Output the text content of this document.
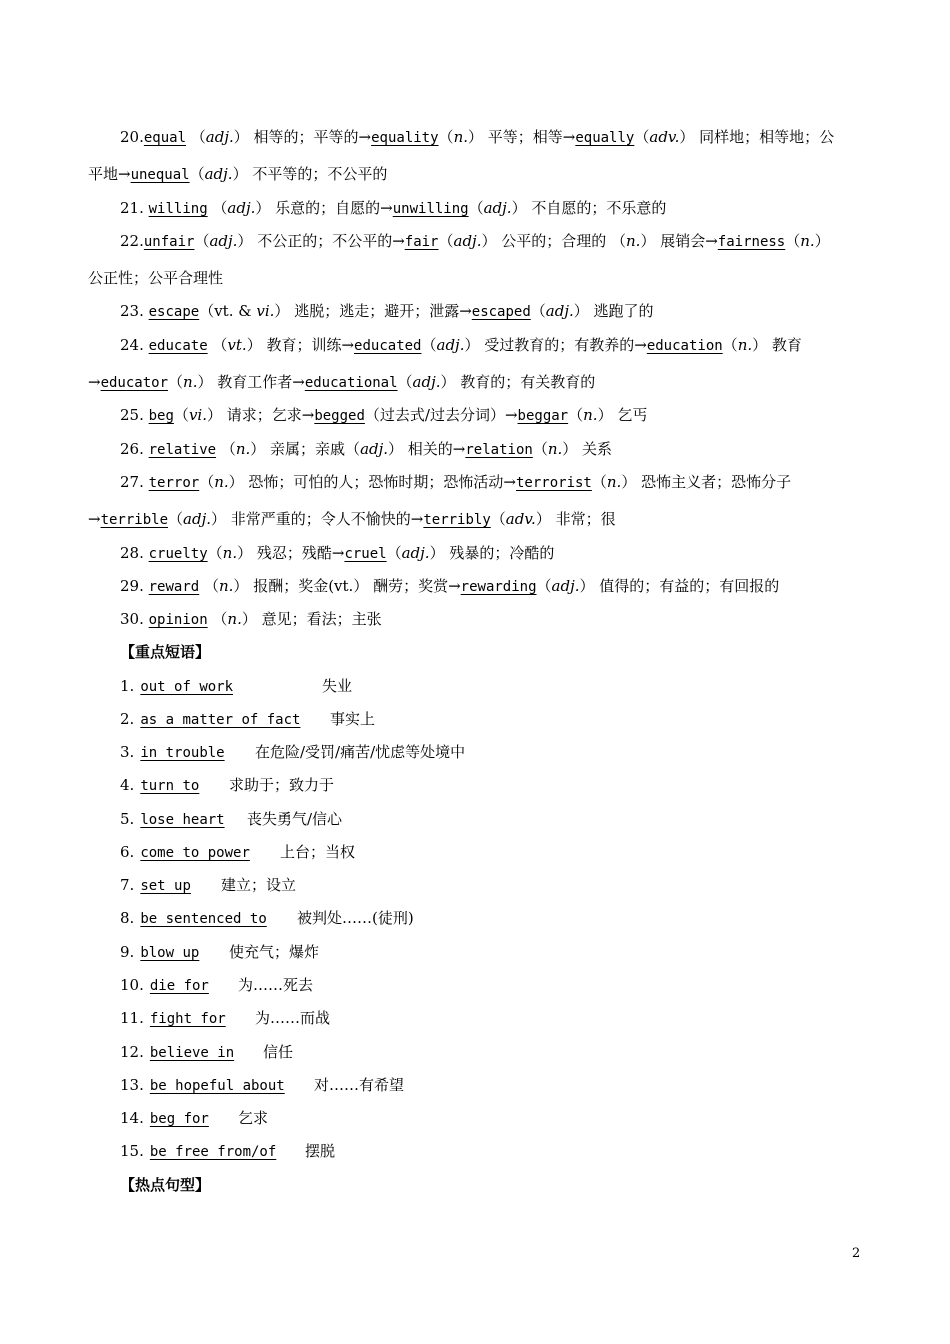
20.equal （adj.） 相等的；平等的→equality（n.） 平等；相等→equally（adv.） 同样地；相等地；公
平地→unequal（adj.） 不平等的；不公平的
21. willing （adj.） 乐意的；自愿的→unwilling（adj.） 不自愿的；不乐意的
22.unfair（adj.） 不公正的；不公平的→fair（adj.） 公平的；合理的 （n.） 展销会→fairness（n.）
公正性；公平合理性
23. escape（vt. & vi.） 逃脱；逃走；避开；泄露→escaped（adj.） 逃跑了的
24. educate （vt.） 教育；训练→educated（adj.） 受过教育的；有教养的→education（n.） 教育
→educator（n.） 教育工作者→educational（adj.） 教育的；有关教育的
25. beg（vi.） 请求；乞求→begged（过去式/过去分词）→beggar（n.） 乞丐
26. relative （n.） 亲属；亲戚（adj.） 相关的→relation（n.） 关系
27. terror（n.） 恐怖；可怕的人；恐怖时期；恐怖活动→terrorist（n.） 恐怖主义者；恐怖分子
→terrible（adj.） 非常严重的；令人不愉快的→terribly（adv.） 非常；很
28. cruelty（n.） 残忍；残酷→cruel（adj.） 残暴的；冷酷的
29. reward （n.） 报酬；奖金(vt.） 酬劳；奖赏→rewarding（adj.） 值得的；有益的；有回报的
30. opinion （n.） 意见；看法；主张
【重点短语】
1. out of work	失业
2. as a matter of fact 事实上
3. in trouble 在危险/受罚/痛苦/忧虑等处境中
4. turn to 求助于；致力于
5. lose heart 丧失勇气/信心
6. come to power 上台；当权
7. set up 建立；设立
8. be sentenced to 被判处……(徒刑)
9. blow up 使充气；爆炸
10. die for 为……死去
11. fight for 为……而战
12. believe in 信任
13. be hopeful about 对……有希望
14. beg for 乞求
15. be free from/of 摆脱
【热点句型】
2
